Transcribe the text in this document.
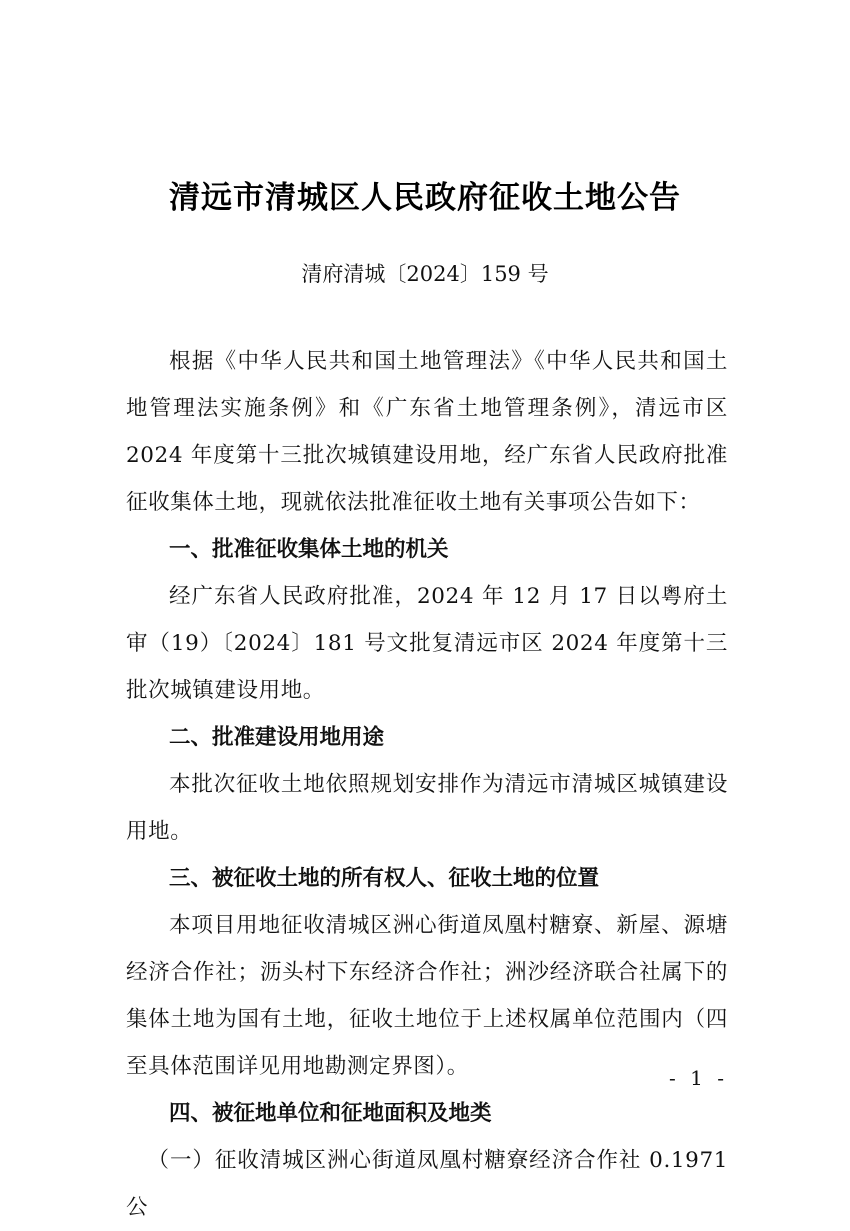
清远市清城区人民政府征收土地公告
清府清城〔2024〕159 号

根据《中华人民共和国土地管理法》《中华人民共和国土地管理法实施条例》和《广东省土地管理条例》，清远市区 2024 年度第十三批次城镇建设用地，经广东省人民政府批准征收集体土地，现就依法批准征收土地有关事项公告如下：

一、批准征收集体土地的机关

经广东省人民政府批准，2024 年 12 月 17 日以粤府土审（19）〔2024〕181 号文批复清远市区 2024 年度第十三批次城镇建设用地。

二、批准建设用地用途

本批次征收土地依照规划安排作为清远市清城区城镇建设用地。

三、被征收土地的所有权人、征收土地的位置

本项目用地征收清城区洲心街道凤凰村糖寮、新屋、源塘经济合作社；沥头村下东经济合作社；洲沙经济联合社属下的集体土地为国有土地，征收土地位于上述权属单位范围内（四至具体范围详见用地勘测定界图）。

四、被征地单位和征地面积及地类

（一）征收清城区洲心街道凤凰村糖寮经济合作社 0.1971 公

- 1 -
